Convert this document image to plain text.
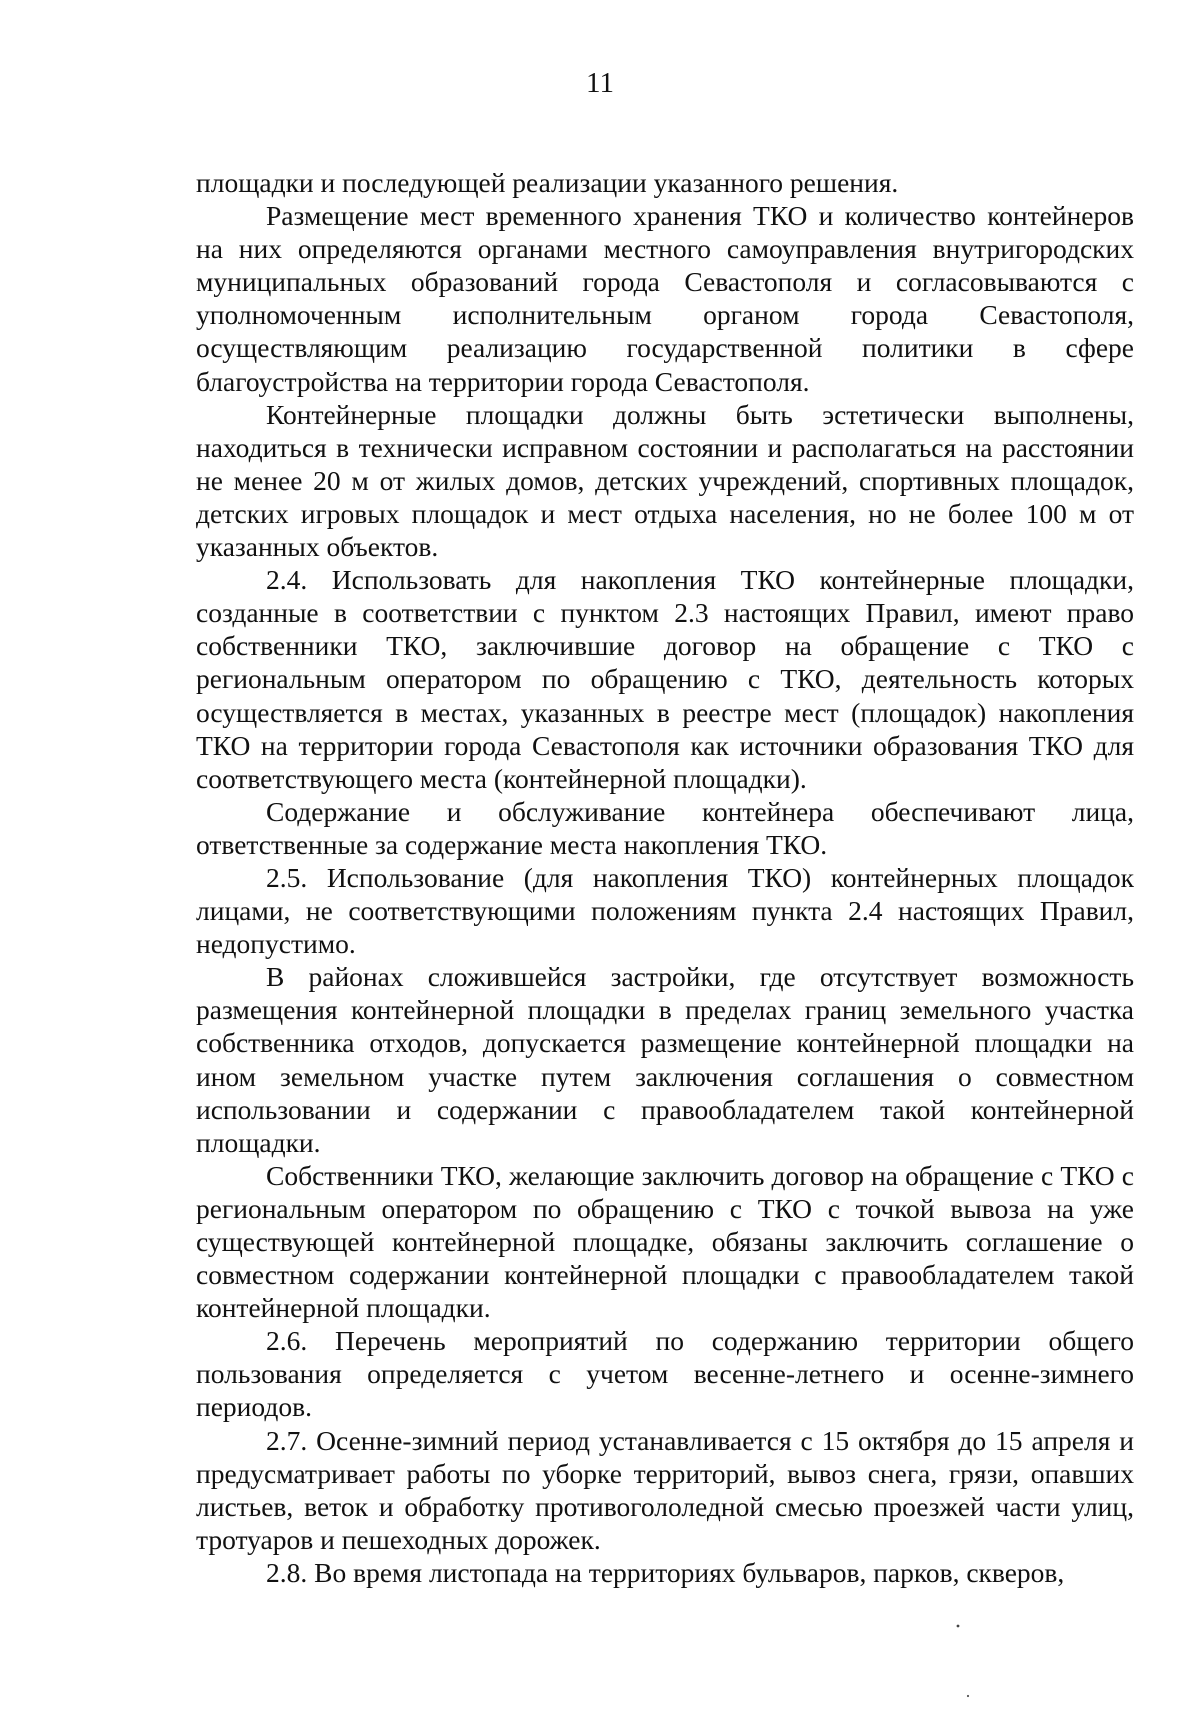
11

площадки и последующей реализации указанного решения.

Размещение мест временного хранения ТКО и количество контейнеров на них определяются органами местного самоуправления внутригородских муниципальных образований города Севастополя и согласовываются с уполномоченным исполнительным органом города Севастополя, осуществляющим реализацию государственной политики в сфере благоустройства на территории города Севастополя.

Контейнерные площадки должны быть эстетически выполнены, находиться в технически исправном состоянии и располагаться на расстоянии не менее 20 м от жилых домов, детских учреждений, спортивных площадок, детских игровых площадок и мест отдыха населения, но не более 100 м от указанных объектов.

2.4. Использовать для накопления ТКО контейнерные площадки, созданные в соответствии с пунктом 2.3 настоящих Правил, имеют право собственники ТКО, заключившие договор на обращение с ТКО с региональным оператором по обращению с ТКО, деятельность которых осуществляется в местах, указанных в реестре мест (площадок) накопления ТКО на территории города Севастополя как источники образования ТКО для соответствующего места (контейнерной площадки).

Содержание и обслуживание контейнера обеспечивают лица, ответственные за содержание места накопления ТКО.

2.5. Использование (для накопления ТКО) контейнерных площадок лицами, не соответствующими положениям пункта 2.4 настоящих Правил, недопустимо.

В районах сложившейся застройки, где отсутствует возможность размещения контейнерной площадки в пределах границ земельного участка собственника отходов, допускается размещение контейнерной площадки на ином земельном участке путем заключения соглашения о совместном использовании и содержании с правообладателем такой контейнерной площадки.

Собственники ТКО, желающие заключить договор на обращение с ТКО с региональным оператором по обращению с ТКО с точкой вывоза на уже существующей контейнерной площадке, обязаны заключить соглашение о совместном содержании контейнерной площадки с правообладателем такой контейнерной площадки.

2.6. Перечень мероприятий по содержанию территории общего пользования определяется с учетом весенне-летнего и осенне-зимнего периодов.

2.7. Осенне-зимний период устанавливается с 15 октября до 15 апреля и предусматривает работы по уборке территорий, вывоз снега, грязи, опавших листьев, веток и обработку противогололедной смесью проезжей части улиц, тротуаров и пешеходных дорожек.

2.8. Во время листопада на территориях бульваров, парков, скверов,
